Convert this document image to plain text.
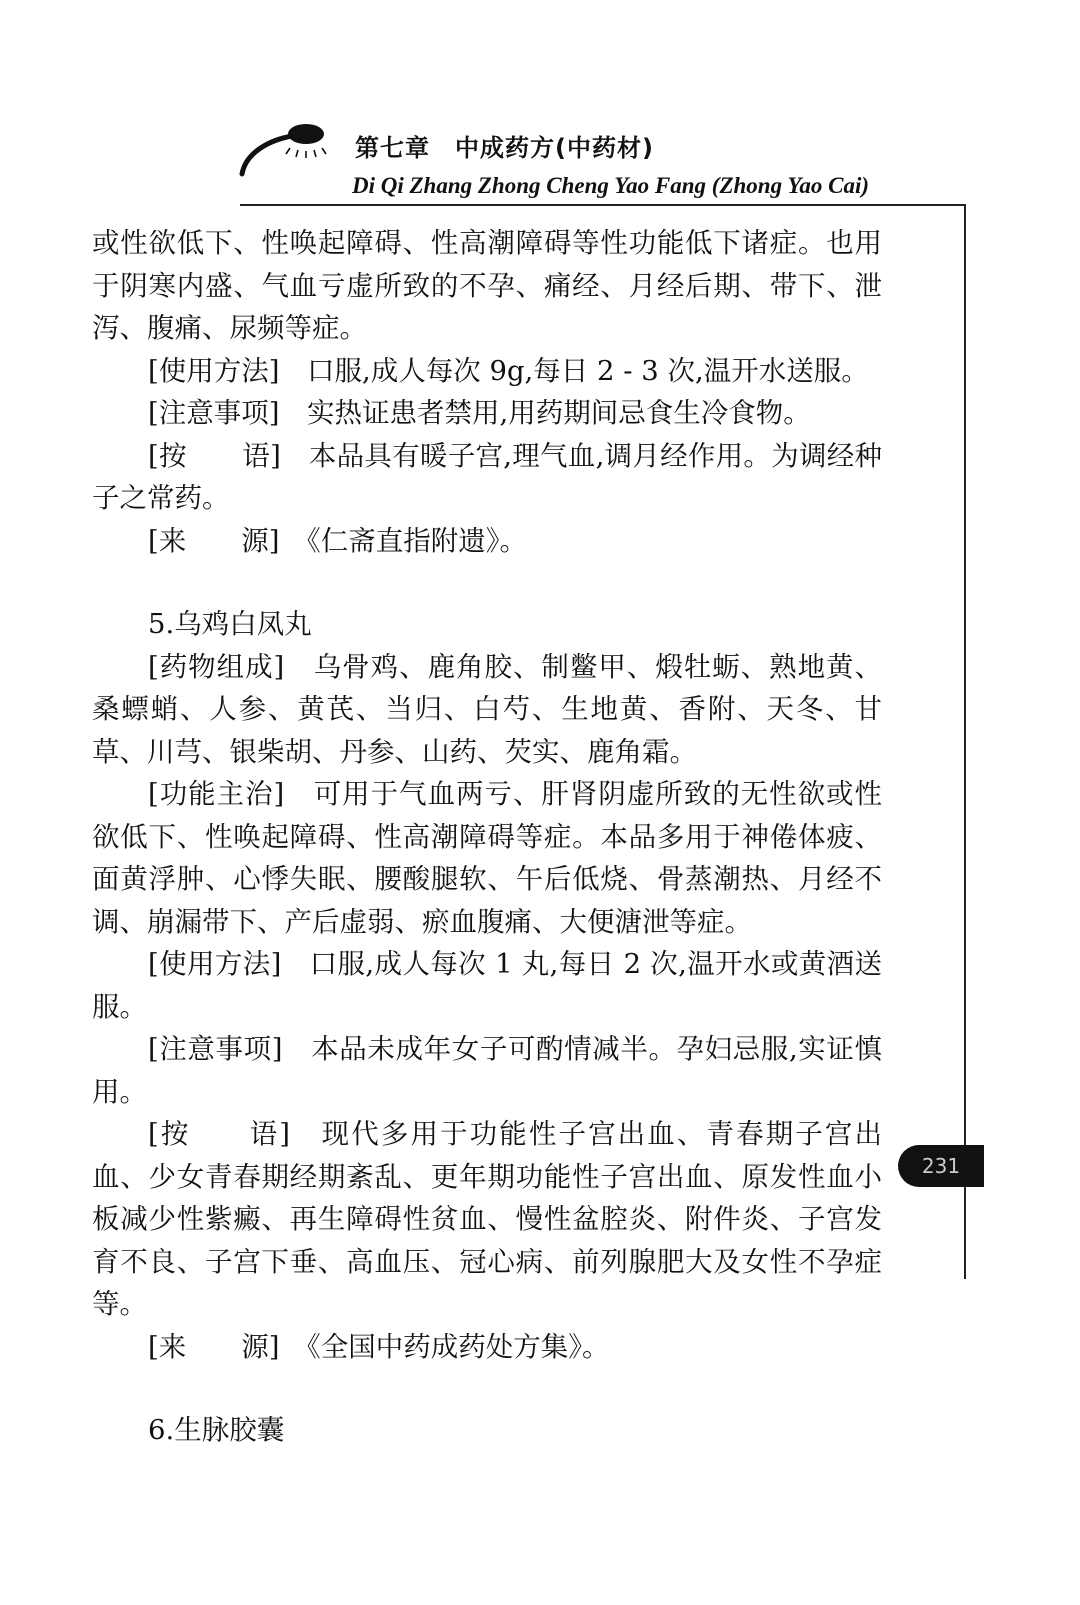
第七章　中成药方(中药材)
Di Qi Zhang Zhong Cheng Yao Fang (Zhong Yao Cai)

或性欲低下、性唤起障碍、性高潮障碍等性功能低下诸症。也用于阴寒内盛、气血亏虚所致的不孕、痛经、月经后期、带下、泄泻、腹痛、尿频等症。

[使用方法]　 口服,成人每次 9g,每日 2 - 3 次,温开水送服。

[注意事项]　 实热证患者禁用,用药期间忌食生冷食物。

[按　　语]　 本品具有暖子宫,理气血,调月经作用。为调经种子之常药。

[来　　源]　 《仁斋直指附遗》。

5.乌鸡白凤丸

[药物组成]　 乌骨鸡、鹿角胶、制鳖甲、煅牡蛎、熟地黄、桑螵蛸、人参、黄芪、当归、白芍、生地黄、香附、天冬、甘草、川芎、银柴胡、丹参、山药、芡实、鹿角霜。

[功能主治]　 可用于气血两亏、肝肾阴虚所致的无性欲或性欲低下、性唤起障碍、性高潮障碍等症。本品多用于神倦体疲、面黄浮肿、心悸失眠、腰酸腿软、午后低烧、骨蒸潮热、月经不调、崩漏带下、产后虚弱、瘀血腹痛、大便溏泄等症。

[使用方法]　 口服,成人每次 1 丸,每日 2 次,温开水或黄酒送服。

[注意事项]　 本品未成年女子可酌情减半。孕妇忌服,实证慎用。

[按　　语]　 现代多用于功能性子宫出血、青春期子宫出血、少女青春期经期紊乱、更年期功能性子宫出血、原发性血小板减少性紫癜、再生障碍性贫血、慢性盆腔炎、附件炎、子宫发育不良、子宫下垂、高血压、冠心病、前列腺肥大及女性不孕症等。

[来　　源]　 《全国中药成药处方集》。

6.生脉胶囊

231
